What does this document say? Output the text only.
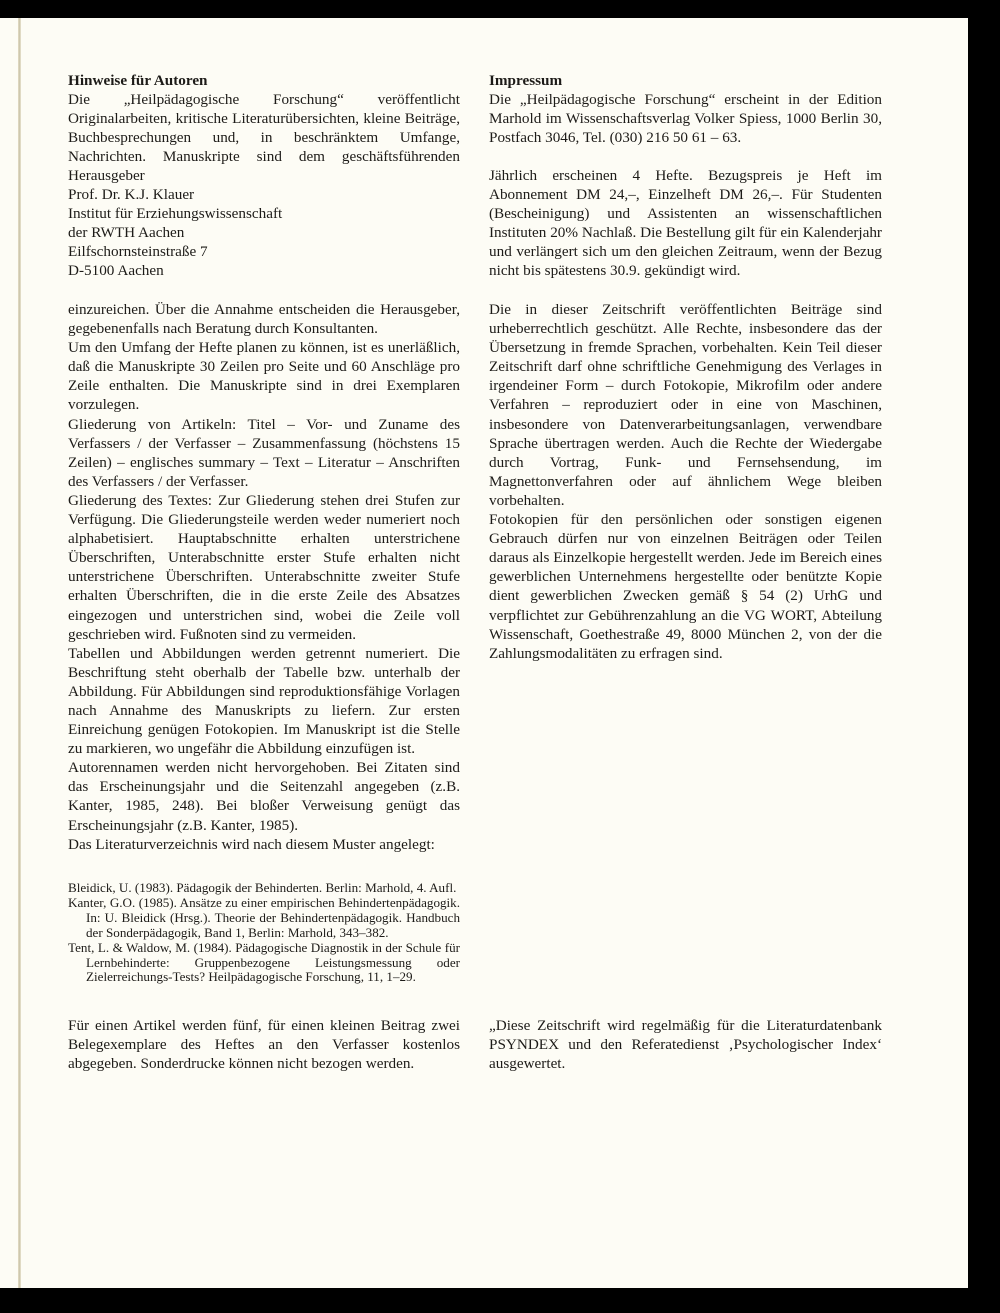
Hinweise für Autoren

Die „Heilpädagogische Forschung“ veröffentlicht Originalarbeiten, kritische Literaturübersichten, kleine Beiträge, Buchbesprechungen und, in beschränktem Umfange, Nachrichten. Manuskripte sind dem geschäftsführenden Herausgeber

Prof. Dr. K.J. Klauer

Institut für Erziehungswissenschaft

der RWTH Aachen

Eilfschornsteinstraße 7

D-5100 Aachen

einzureichen. Über die Annahme entscheiden die Herausgeber, gegebenenfalls nach Beratung durch Konsultanten.

Um den Umfang der Hefte planen zu können, ist es unerläßlich, daß die Manuskripte 30 Zeilen pro Seite und 60 Anschläge pro Zeile enthalten. Die Manuskripte sind in drei Exemplaren vorzulegen.

Gliederung von Artikeln: Titel – Vor- und Zuname des Verfassers / der Verfasser – Zusammenfassung (höchstens 15 Zeilen) – englisches summary – Text – Literatur – Anschriften des Verfassers / der Verfasser.

Gliederung des Textes: Zur Gliederung stehen drei Stufen zur Verfügung. Die Gliederungsteile werden weder numeriert noch alphabetisiert. Hauptabschnitte erhalten unterstrichene Überschriften, Unterabschnitte erster Stufe erhalten nicht unterstrichene Überschriften. Unterabschnitte zweiter Stufe erhalten Überschriften, die in die erste Zeile des Absatzes eingezogen und unterstrichen sind, wobei die Zeile voll geschrieben wird. Fußnoten sind zu vermeiden.

Tabellen und Abbildungen werden getrennt numeriert. Die Beschriftung steht oberhalb der Tabelle bzw. unterhalb der Abbildung. Für Abbildungen sind reproduktionsfähige Vorlagen nach Annahme des Manuskripts zu liefern. Zur ersten Einreichung genügen Fotokopien. Im Manuskript ist die Stelle zu markieren, wo ungefähr die Abbildung einzufügen ist.

Autorennamen werden nicht hervorgehoben. Bei Zitaten sind das Erscheinungsjahr und die Seitenzahl angegeben (z.B. Kanter, 1985, 248). Bei bloßer Verweisung genügt das Erscheinungsjahr (z.B. Kanter, 1985).

Das Literaturverzeichnis wird nach diesem Muster angelegt:

Bleidick, U. (1983). Pädagogik der Behinderten. Berlin: Marhold, 4. Aufl.

Kanter, G.O. (1985). Ansätze zu einer empirischen Behindertenpädagogik. In: U. Bleidick (Hrsg.). Theorie der Behindertenpädagogik. Handbuch der Sonderpädagogik, Band 1, Berlin: Marhold, 343–382.

Tent, L. & Waldow, M. (1984). Pädagogische Diagnostik in der Schule für Lernbehinderte: Gruppenbezogene Leistungsmessung oder Zielerreichungs-Tests? Heilpädagogische Forschung, 11, 1–29.

Für einen Artikel werden fünf, für einen kleinen Beitrag zwei Belegexemplare des Heftes an den Verfasser kostenlos abgegeben. Sonderdrucke können nicht bezogen werden.

Impressum

Die „Heilpädagogische Forschung“ erscheint in der Edition Marhold im Wissenschaftsverlag Volker Spiess, 1000 Berlin 30, Postfach 3046, Tel. (030) 216 50 61 – 63.

Jährlich erscheinen 4 Hefte. Bezugspreis je Heft im Abonnement DM 24,–, Einzelheft DM 26,–. Für Studenten (Bescheinigung) und Assistenten an wissenschaftlichen Instituten 20% Nachlaß. Die Bestellung gilt für ein Kalenderjahr und verlängert sich um den gleichen Zeitraum, wenn der Bezug nicht bis spätestens 30.9. gekündigt wird.

Die in dieser Zeitschrift veröffentlichten Beiträge sind urheberrechtlich geschützt. Alle Rechte, insbesondere das der Übersetzung in fremde Sprachen, vorbehalten. Kein Teil dieser Zeitschrift darf ohne schriftliche Genehmigung des Verlages in irgendeiner Form – durch Fotokopie, Mikrofilm oder andere Verfahren – reproduziert oder in eine von Maschinen, insbesondere von Datenverarbeitungsanlagen, verwendbare Sprache übertragen werden. Auch die Rechte der Wiedergabe durch Vortrag, Funk- und Fernsehsendung, im Magnettonverfahren oder auf ähnlichem Wege bleiben vorbehalten.

Fotokopien für den persönlichen oder sonstigen eigenen Gebrauch dürfen nur von einzelnen Beiträgen oder Teilen daraus als Einzelkopie hergestellt werden. Jede im Bereich eines gewerblichen Unternehmens hergestellte oder benützte Kopie dient gewerblichen Zwecken gemäß § 54 (2) UrhG und verpflichtet zur Gebührenzahlung an die VG WORT, Abteilung Wissenschaft, Goethestraße 49, 8000 München 2, von der die Zahlungsmodalitäten zu erfragen sind.

„Diese Zeitschrift wird regelmäßig für die Literaturdatenbank PSYNDEX und den Referatedienst ‚Psychologischer Index‘ ausgewertet.
